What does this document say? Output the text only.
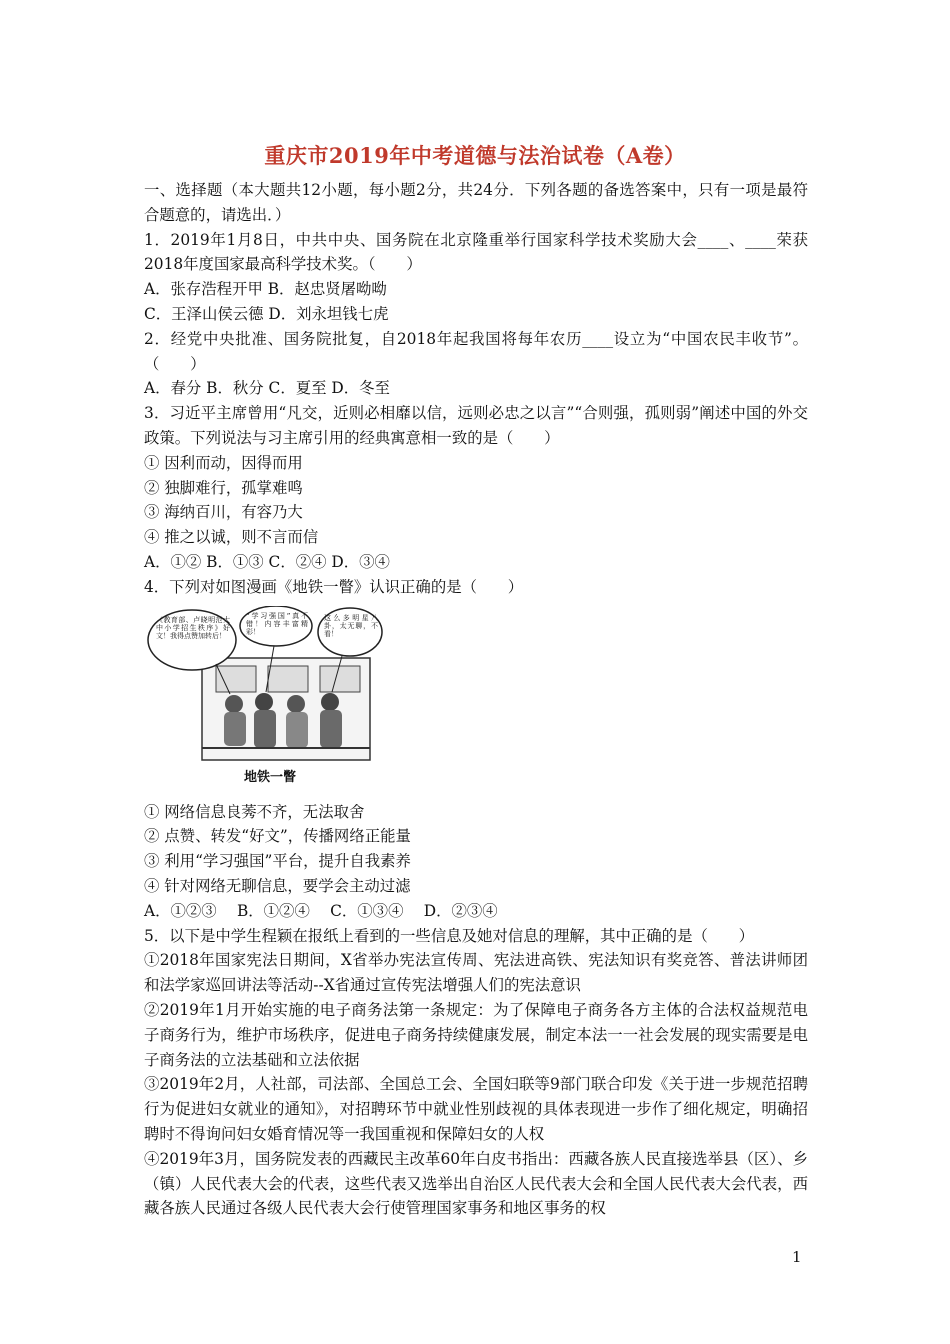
重庆市2019年中考道德与法治试卷（A卷）

一、选择题（本大题共12小题，每小题2分，共24分．下列各题的备选答案中，只有一项是最符合题意的，请选出．）

1．2019年1月8日，中共中央、国务院在北京隆重举行国家科学技术奖励大会____、____荣获2018年度国家最高科学技术奖。（　　）

A．张存浩程开甲 B．赵忠贤屠呦呦

C．王泽山侯云德 D．刘永坦钱七虎

2．经党中央批准、国务院批复，自2018年起我国将每年农历____设立为“中国农民丰收节”。（　　）

A．春分 B．秋分 C．夏至 D．冬至

3．习近平主席曾用“凡交，近则必相靡以信，远则必忠之以言”“合则强，孤则弱”阐述中国的外交政策。下列说法与习主席引用的经典寓意相一致的是（　　）

① 因利而动，因得而用

② 独脚难行，孤掌难鸣

③ 海纳百川，有容乃大

④ 推之以诚，则不言而信

A．①② B．①③ C．②④ D．③④

4．下列对如图漫画《地铁一瞥》认识正确的是（　　）

《教育部、卢晓明范大中小学招生秩序》好文！我得点赞加转后！
“学习强国”真不错！内容丰富精彩！
这么多明星八卦，太无聊，不看！
地铁一瞥

① 网络信息良莠不齐，无法取舍

② 点赞、转发“好文”，传播网络正能量

③ 利用“学习强国”平台，提升自我素养

④ 针对网络无聊信息，要学会主动过滤

A．①②③　 B．①②④　 C．①③④　 D．②③④

5．以下是中学生程颖在报纸上看到的一些信息及她对信息的理解，其中正确的是（　　）

①2018年国家宪法日期间，X省举办宪法宣传周、宪法进高铁、宪法知识有奖竞答、普法讲师团和法学家巡回讲法等活动--X省通过宣传宪法增强人们的宪法意识

②2019年1月开始实施的电子商务法第一条规定：为了保障电子商务各方主体的合法权益规范电子商务行为，维护市场秩序，促进电子商务持续健康发展，制定本法一一社会发展的现实需要是电子商务法的立法基础和立法依据

③2019年2月，人社部，司法部、全国总工会、全国妇联等9部门联合印发《关于进一步规范招聘行为促进妇女就业的通知》，对招聘环节中就业性别歧视的具体表现进一步作了细化规定，明确招聘时不得询问妇女婚育情况等一我国重视和保障妇女的人权

④2019年3月，国务院发表的西藏民主改革60年白皮书指出：西藏各族人民直接选举县（区）、乡（镇）人民代表大会的代表，这些代表又选举出自治区人民代表大会和全国人民代表大会代表，西藏各族人民通过各级人民代表大会行使管理国家事务和地区事务的权

1
